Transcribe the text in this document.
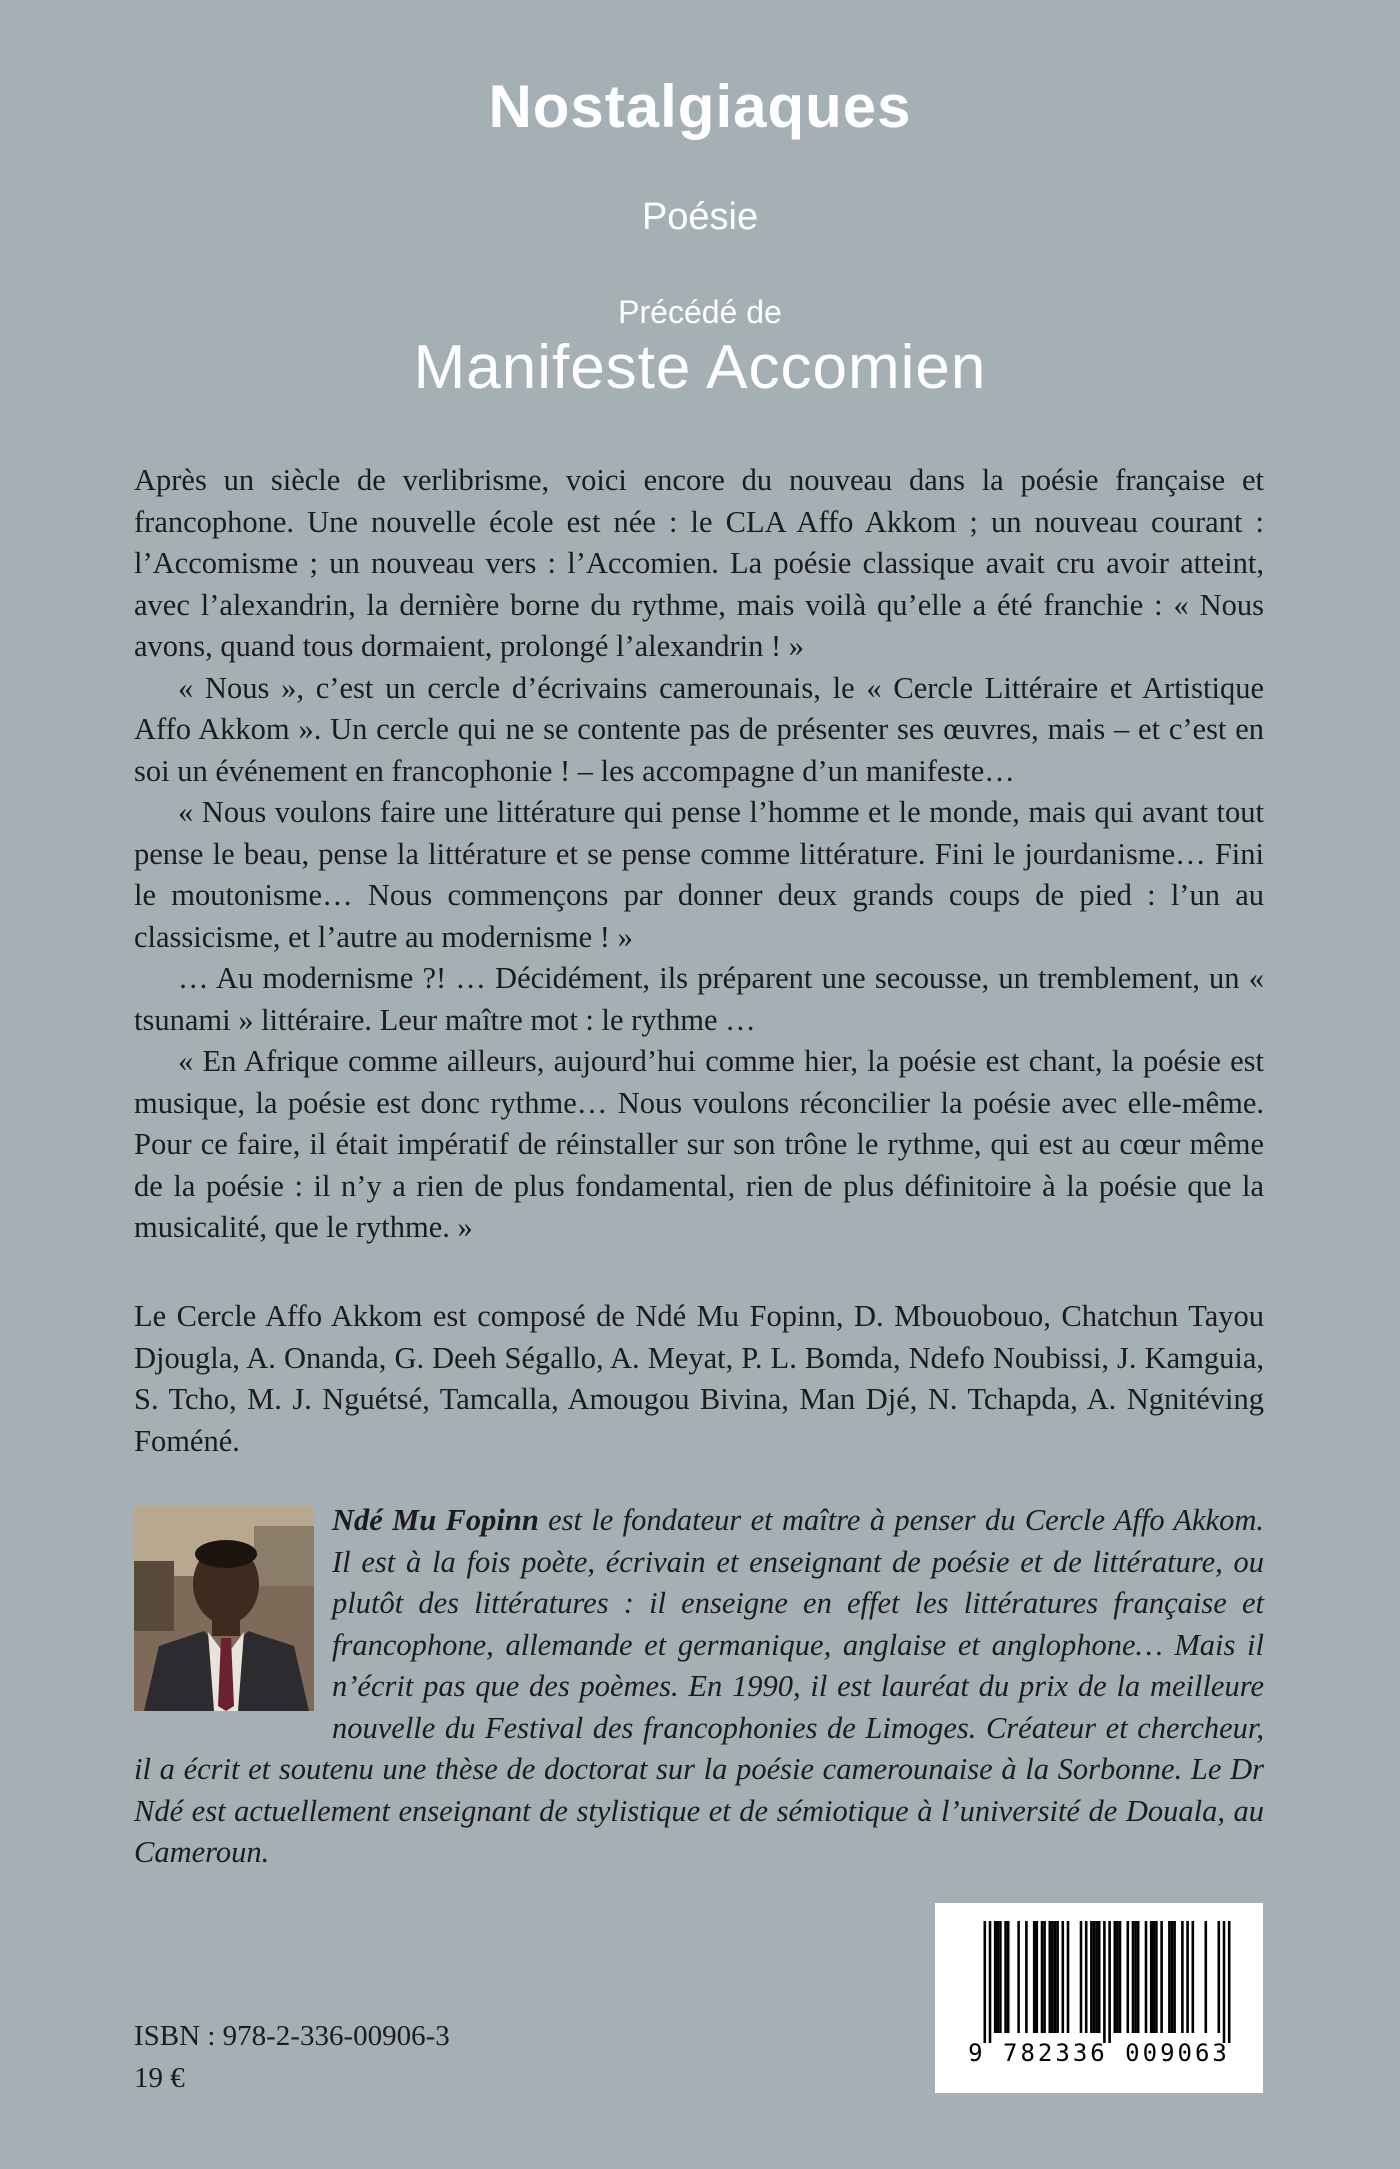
Nostalgiaques
Poésie
Précédé de
Manifeste Accomien

Après un siècle de verlibrisme, voici encore du nouveau dans la poésie française et francophone. Une nouvelle école est née : le CLA Affo Akkom ; un nouveau courant : l’Accomisme ; un nouveau vers : l’Accomien. La poésie classique avait cru avoir atteint, avec l’alexandrin, la dernière borne du rythme, mais voilà qu’elle a été franchie : « Nous avons, quand tous dormaient, prolongé l’alexandrin ! »

« Nous », c’est un cercle d’écrivains camerounais, le « Cercle Littéraire et Artistique Affo Akkom ». Un cercle qui ne se contente pas de présenter ses œuvres, mais – et c’est en soi un événement en francophonie ! – les accompagne d’un manifeste…

« Nous voulons faire une littérature qui pense l’homme et le monde, mais qui avant tout pense le beau, pense la littérature et se pense comme littérature. Fini le jourdanisme… Fini le moutonisme… Nous commençons par donner deux grands coups de pied : l’un au classicisme, et l’autre au modernisme ! »

… Au modernisme ?! … Décidément, ils préparent une secousse, un tremblement, un « tsunami » littéraire. Leur maître mot : le rythme …

« En Afrique comme ailleurs, aujourd’hui comme hier, la poésie est chant, la poésie est musique, la poésie est donc rythme… Nous voulons réconcilier la poésie avec elle-même. Pour ce faire, il était impératif de réinstaller sur son trône le rythme, qui est au cœur même de la poésie : il n’y a rien de plus fondamental, rien de plus définitoire à la poésie que la musicalité, que le rythme. »

Le Cercle Affo Akkom est composé de Ndé Mu Fopinn, D. Mbouobouo, Chatchun Tayou Djougla, A. Onanda, G. Deeh Ségallo, A. Meyat, P. L. Bomda, Ndefo Noubissi, J. Kamguia, S. Tcho, M. J. Nguétsé, Tamcalla, Amougou Bivina, Man Djé, N. Tchapda, A. Ngnitéving Foméné.

Ndé Mu Fopinn est le fondateur et maître à penser du Cercle Affo Akkom. Il est à la fois poète, écrivain et enseignant de poésie et de littérature, ou plutôt des littératures : il enseigne en effet les littératures française et francophone, allemande et germanique, anglaise et anglophone… Mais il n’écrit pas que des poèmes. En 1990, il est lauréat du prix de la meilleure nouvelle du Festival des francophonies de Limoges. Créateur et chercheur, il a écrit et soutenu une thèse de doctorat sur la poésie camerounaise à la Sorbonne. Le Dr Ndé est actuellement enseignant de stylistique et de sémiotique à l’université de Douala, au Cameroun.

9 782336 009063
ISBN : 978-2-336-00906-3
19 €
